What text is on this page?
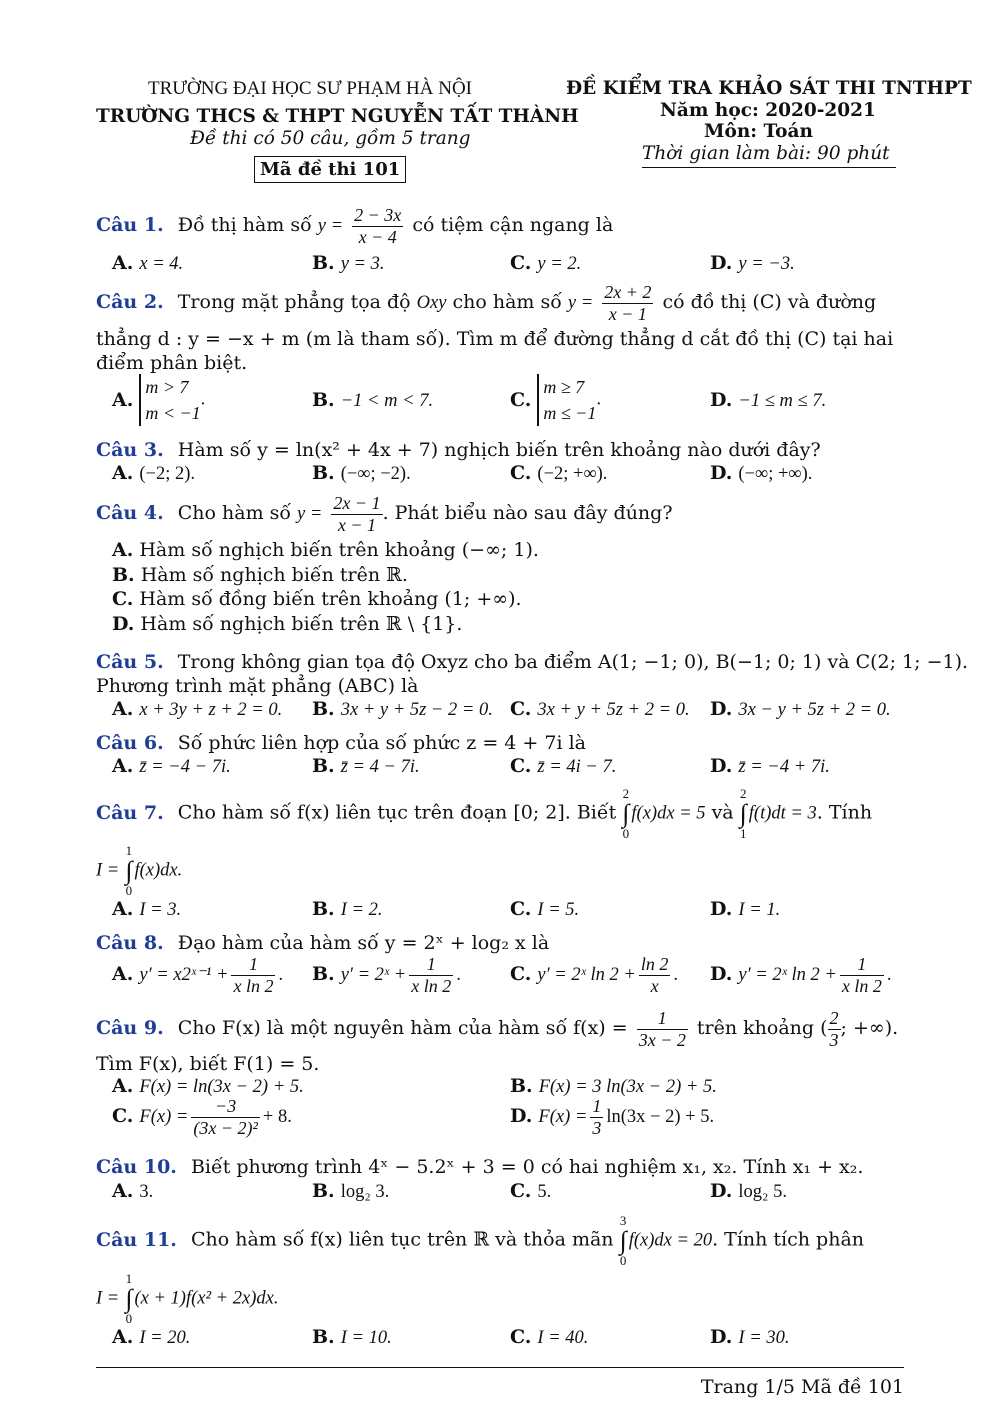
TRƯỜNG ĐẠI HỌC SƯ PHẠM HÀ NỘI
TRƯỜNG THCS & THPT NGUYỄN TẤT THÀNH
Đề thi có 50 câu, gồm 5 trang
Mã đề thi 101
ĐỀ KIỂM TRA KHẢO SÁT THI TNTHPT
Năm học: 2020-2021
Môn: Toán
Thời gian làm bài: 90 phút
Câu 1. Đồ thị hàm số $y = \frac{2 - 3x}{x - 4}$ có tiệm cận ngang là
A. x = 4.	B. y = 3.	C. y = 2.	D. y = −3.
Câu 2. Trong mặt phẳng tọa độ Oxy cho hàm số $y = \frac{2x + 2}{x - 1}$ có đồ thị (C) và đường
thẳng d : y = −x + m (m là tham số). Tìm m để đường thẳng d cắt đồ thị (C) tại hai
điểm phân biệt.
A.
m > 7
m < −1
.	B. −1 < m < 7.	C.
m ≥ 7
m ≤ −1
.	D. −1 ≤ m ≤ 7.
Câu 3. Hàm số y = ln(x² + 4x + 7) nghịch biến trên khoảng nào dưới đây?
A. (−2; 2).	B. (−∞; −2).	C. (−2; +∞).	D. (−∞; +∞).
Câu 4. Cho hàm số $y = \frac{2x - 1}{x - 1}$ . Phát biểu nào sau đây đúng?
A. Hàm số nghịch biến trên khoảng (−∞; 1).
B. Hàm số nghịch biến trên ℝ.
C. Hàm số đồng biến trên khoảng (1; +∞).
D. Hàm số nghịch biến trên ℝ \ {1}.
Câu 5. Trong không gian tọa độ Oxyz cho ba điểm A(1; −1; 0), B(−1; 0; 1) và C(2; 1; −1).
Phương trình mặt phẳng (ABC) là
A. x + 3y + z + 2 = 0. B. 3x + y + 5z − 2 = 0. C. 3x + y + 5z + 2 = 0. D. 3x − y + 5z + 2 = 0.
Câu 6. Số phức liên hợp của số phức z = 4 + 7i là
A. z̄ = −4 − 7i.	B. z̄ = 4 − 7i.	C. z̄ = 4i − 7.	D. z̄ = −4 + 7i.
Câu 7. Cho hàm số f(x) liên tục trên đoạn [0; 2]. Biết 2
∫
0f(x)dx = 5 và 2
∫
1f(t)dt = 3. Tính
I = 1
∫
0f(x)dx.
A. I = 3.	B. I = 2.	C. I = 5.	D. I = 1.
Câu 8. Đạo hàm của hàm số y = 2ˣ + log₂ x là
A. y′ = x2ˣ⁻¹ + $\frac{1}{\text{x ln 2}}$ . B. y′ = 2ˣ + $\frac{1}{\text{x ln 2}}$ .	C. y′ = 2ˣ $\ln 2 + \frac{\ln 2}{x}$ . D. y′ = 2ˣ $\ln 2 + \frac{1}{\text{x ln 2}}$ .
Câu 9. Cho F(x) là một nguyên hàm của hàm số $f(x) = \frac{1}{3x - 2}$ trên khoảng ( $\frac{2}{3}$ ; +∞).
Tìm F(x), biết F(1) = 5.
A. F(x) = ln(3x − 2) + 5.	B. F(x) = 3 ln(3x − 2) + 5.
C. $F(x) = \frac{-3}{\text{(3x − 2)²}} + 8$.	D. $F(x) = \frac{1}{3} \ln(3x - 2) + 5$.
Câu 10. Biết phương trình 4ˣ − 5.2ˣ + 3 = 0 có hai nghiệm x₁, x₂. Tính x₁ + x₂.
A. 3.	B. log₂ 3.	C. 5.	D. log₂ 5.
Câu 11. Cho hàm số f(x) liên tục trên ℝ và thỏa mãn 3
∫
0f(x)dx = 20. Tính tích phân
I = 1
∫
0(x + 1)f(x² + 2x)dx.
A. I = 20.	B. I = 10.	C. I = 40.	D. I = 30.
Trang 1/5 Mã đề 101
